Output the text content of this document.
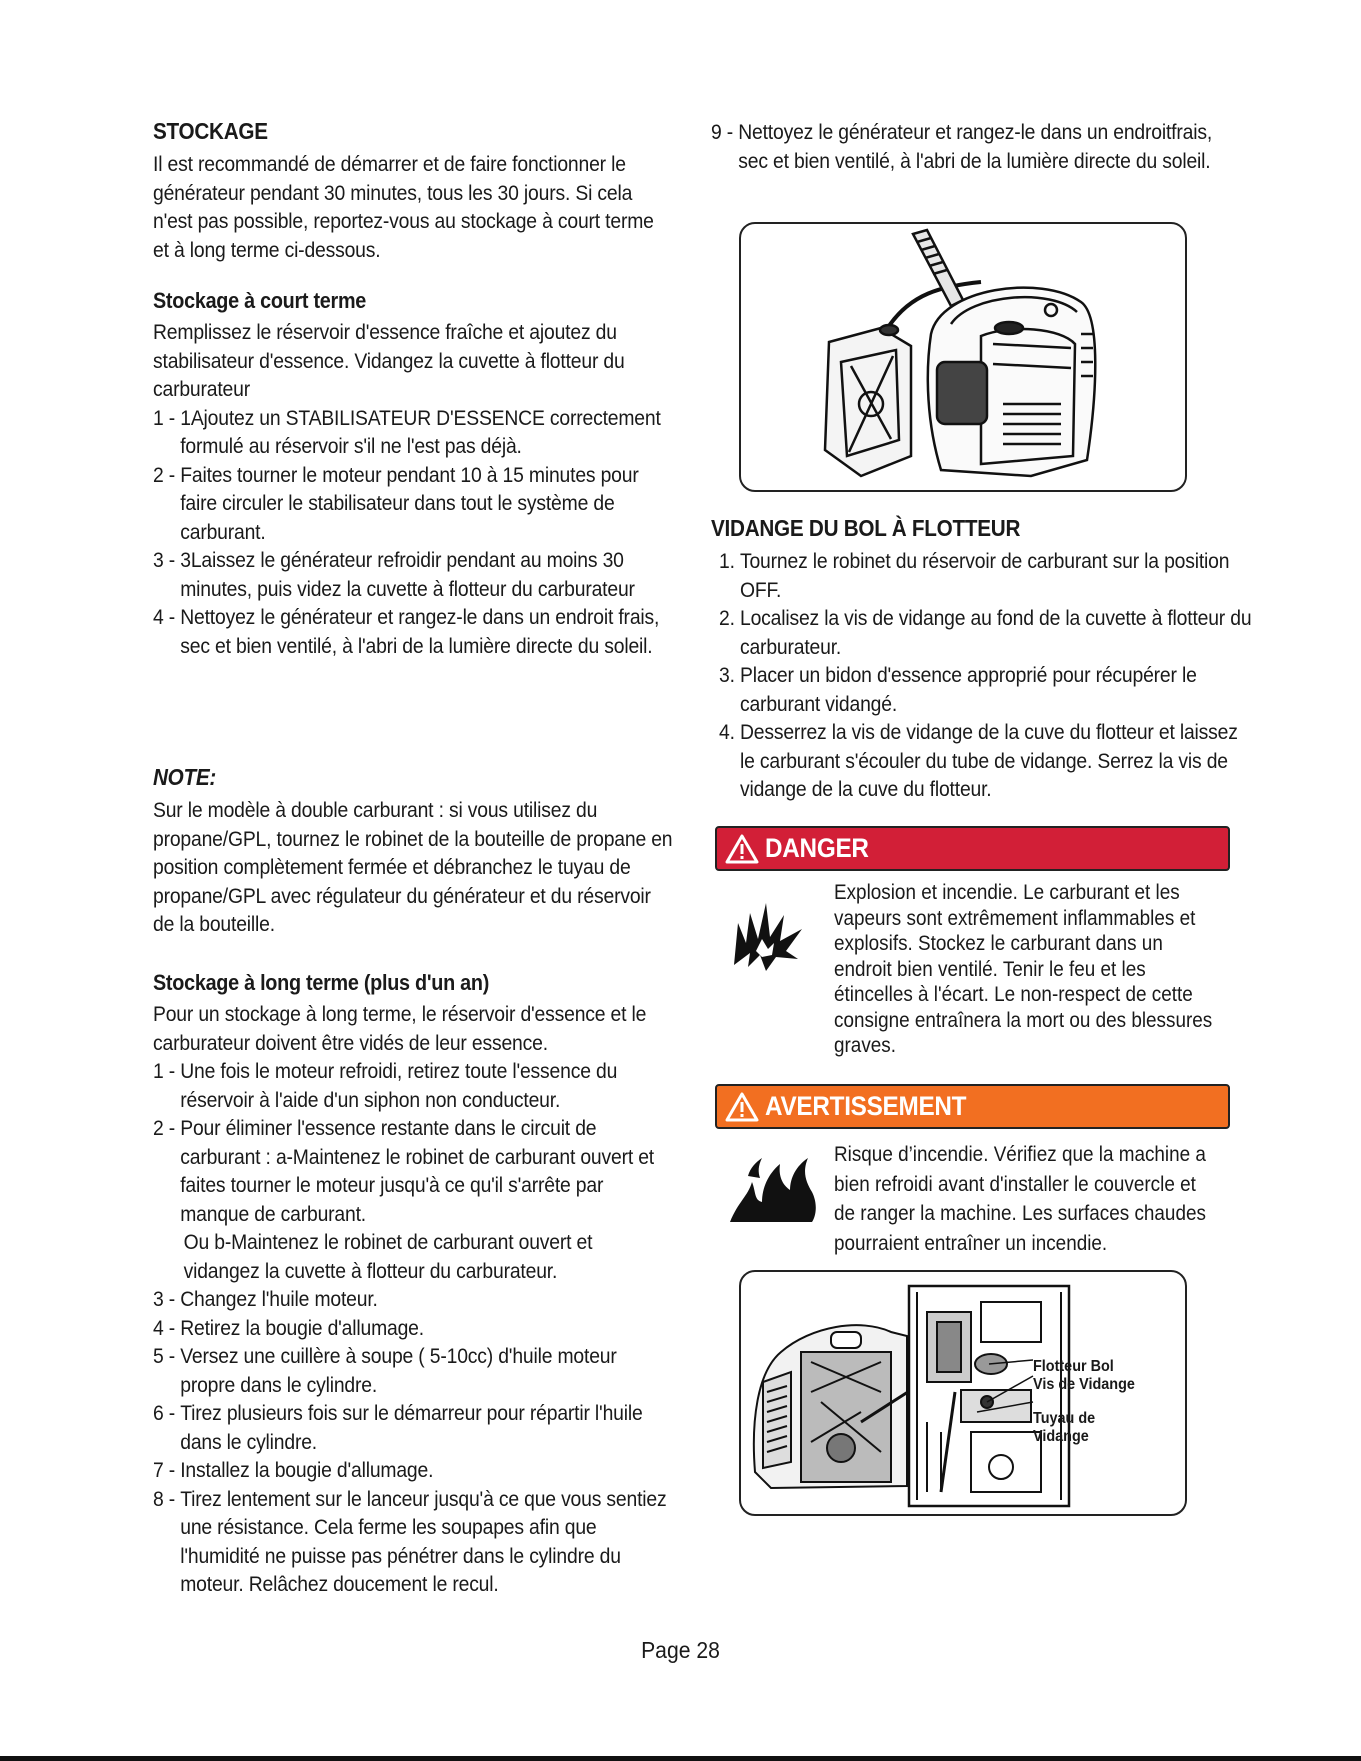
STOCKAGE

Il est recommandé de démarrer et de faire fonctionner le générateur pendant 30 minutes, tous les 30 jours. Si cela n'est pas possible, reportez-vous au stockage à court terme et à long terme ci-dessous.

Stockage à court terme

Remplissez le réservoir d'essence fraîche et ajoutez du stabilisateur d'essence. Vidangez la cuvette à flotteur du carburateur

1 - 1Ajoutez un STABILISATEUR D'ESSENCE correctement formulé au réservoir s'il ne l'est pas déjà.
2 - Faites tourner le moteur pendant 10 à 15 minutes pour faire circuler le stabilisateur dans tout le système de carburant.
3 - 3Laissez le générateur refroidir pendant au moins 30 minutes, puis videz la cuvette à flotteur du carburateur
4 - Nettoyez le générateur et rangez-le dans un endroit frais, sec et bien ventilé, à l'abri de la lumière directe du soleil.
NOTE:

Sur le modèle à double carburant : si vous utilisez du propane/GPL, tournez le robinet de la bouteille de propane en position complètement fermée et débranchez le tuyau de propane/GPL avec régulateur du générateur et du réservoir de la bouteille.

Stockage à long terme (plus d'un an)

Pour un stockage à long terme, le réservoir d'essence et le carburateur doivent être vidés de leur essence.

1 - Une fois le moteur refroidi, retirez toute l'essence du réservoir à l'aide d'un siphon non conducteur.
2 - Pour éliminer l'essence restante dans le circuit de carburant : a-Maintenez le robinet de carburant ouvert et faites tourner le moteur jusqu'à ce qu'il s'arrête par manque de carburant.
Ou b-Maintenez le robinet de carburant ouvert et vidangez la cuvette à flotteur du carburateur.
3 - Changez l'huile moteur.
4 - Retirez la bougie d'allumage.
5 - Versez une cuillère à soupe ( 5-10cc) d'huile moteur propre dans le cylindre.
6 - Tirez plusieurs fois sur le démarreur pour répartir l'huile dans le cylindre.
7 - Installez la bougie d'allumage.
8 - Tirez lentement sur le lanceur jusqu'à ce que vous sentiez une résistance. Cela ferme les soupapes afin que l'humidité ne puisse pas pénétrer dans le cylindre du moteur. Relâchez doucement le recul.
9 - Nettoyez le générateur et rangez-le dans un endroitfrais, sec et bien ventilé, à l'abri de la lumière directe du soleil.
VIDANGE DU BOL À FLOTTEUR
1. Tournez le robinet du réservoir de carburant sur la position OFF.
2. Localisez la vis de vidange au fond de la cuvette à flotteur du carburateur.
3. Placer un bidon d'essence approprié pour récupérer le carburant vidangé.
4. Desserrez la vis de vidange de la cuve du flotteur et laissez le carburant s'écouler du tube de vidange. Serrez la vis de vidange de la cuve du flotteur.
DANGER
Explosion et incendie. Le carburant et les vapeurs sont extrêmement inflammables et explosifs. Stockez le carburant dans un endroit bien ventilé. Tenir le feu et les étincelles à l'écart. Le non-respect de cette consigne entraînera la mort ou des blessures graves.
AVERTISSEMENT
Risque d’incendie. Vérifiez que la machine a bien refroidi avant d'installer le couvercle et de ranger la machine. Les surfaces chaudes pourraient entraîner un incendie.
Flotteur Bol
Vis de Vidange
Tuyau de
Vidange
Page 28
